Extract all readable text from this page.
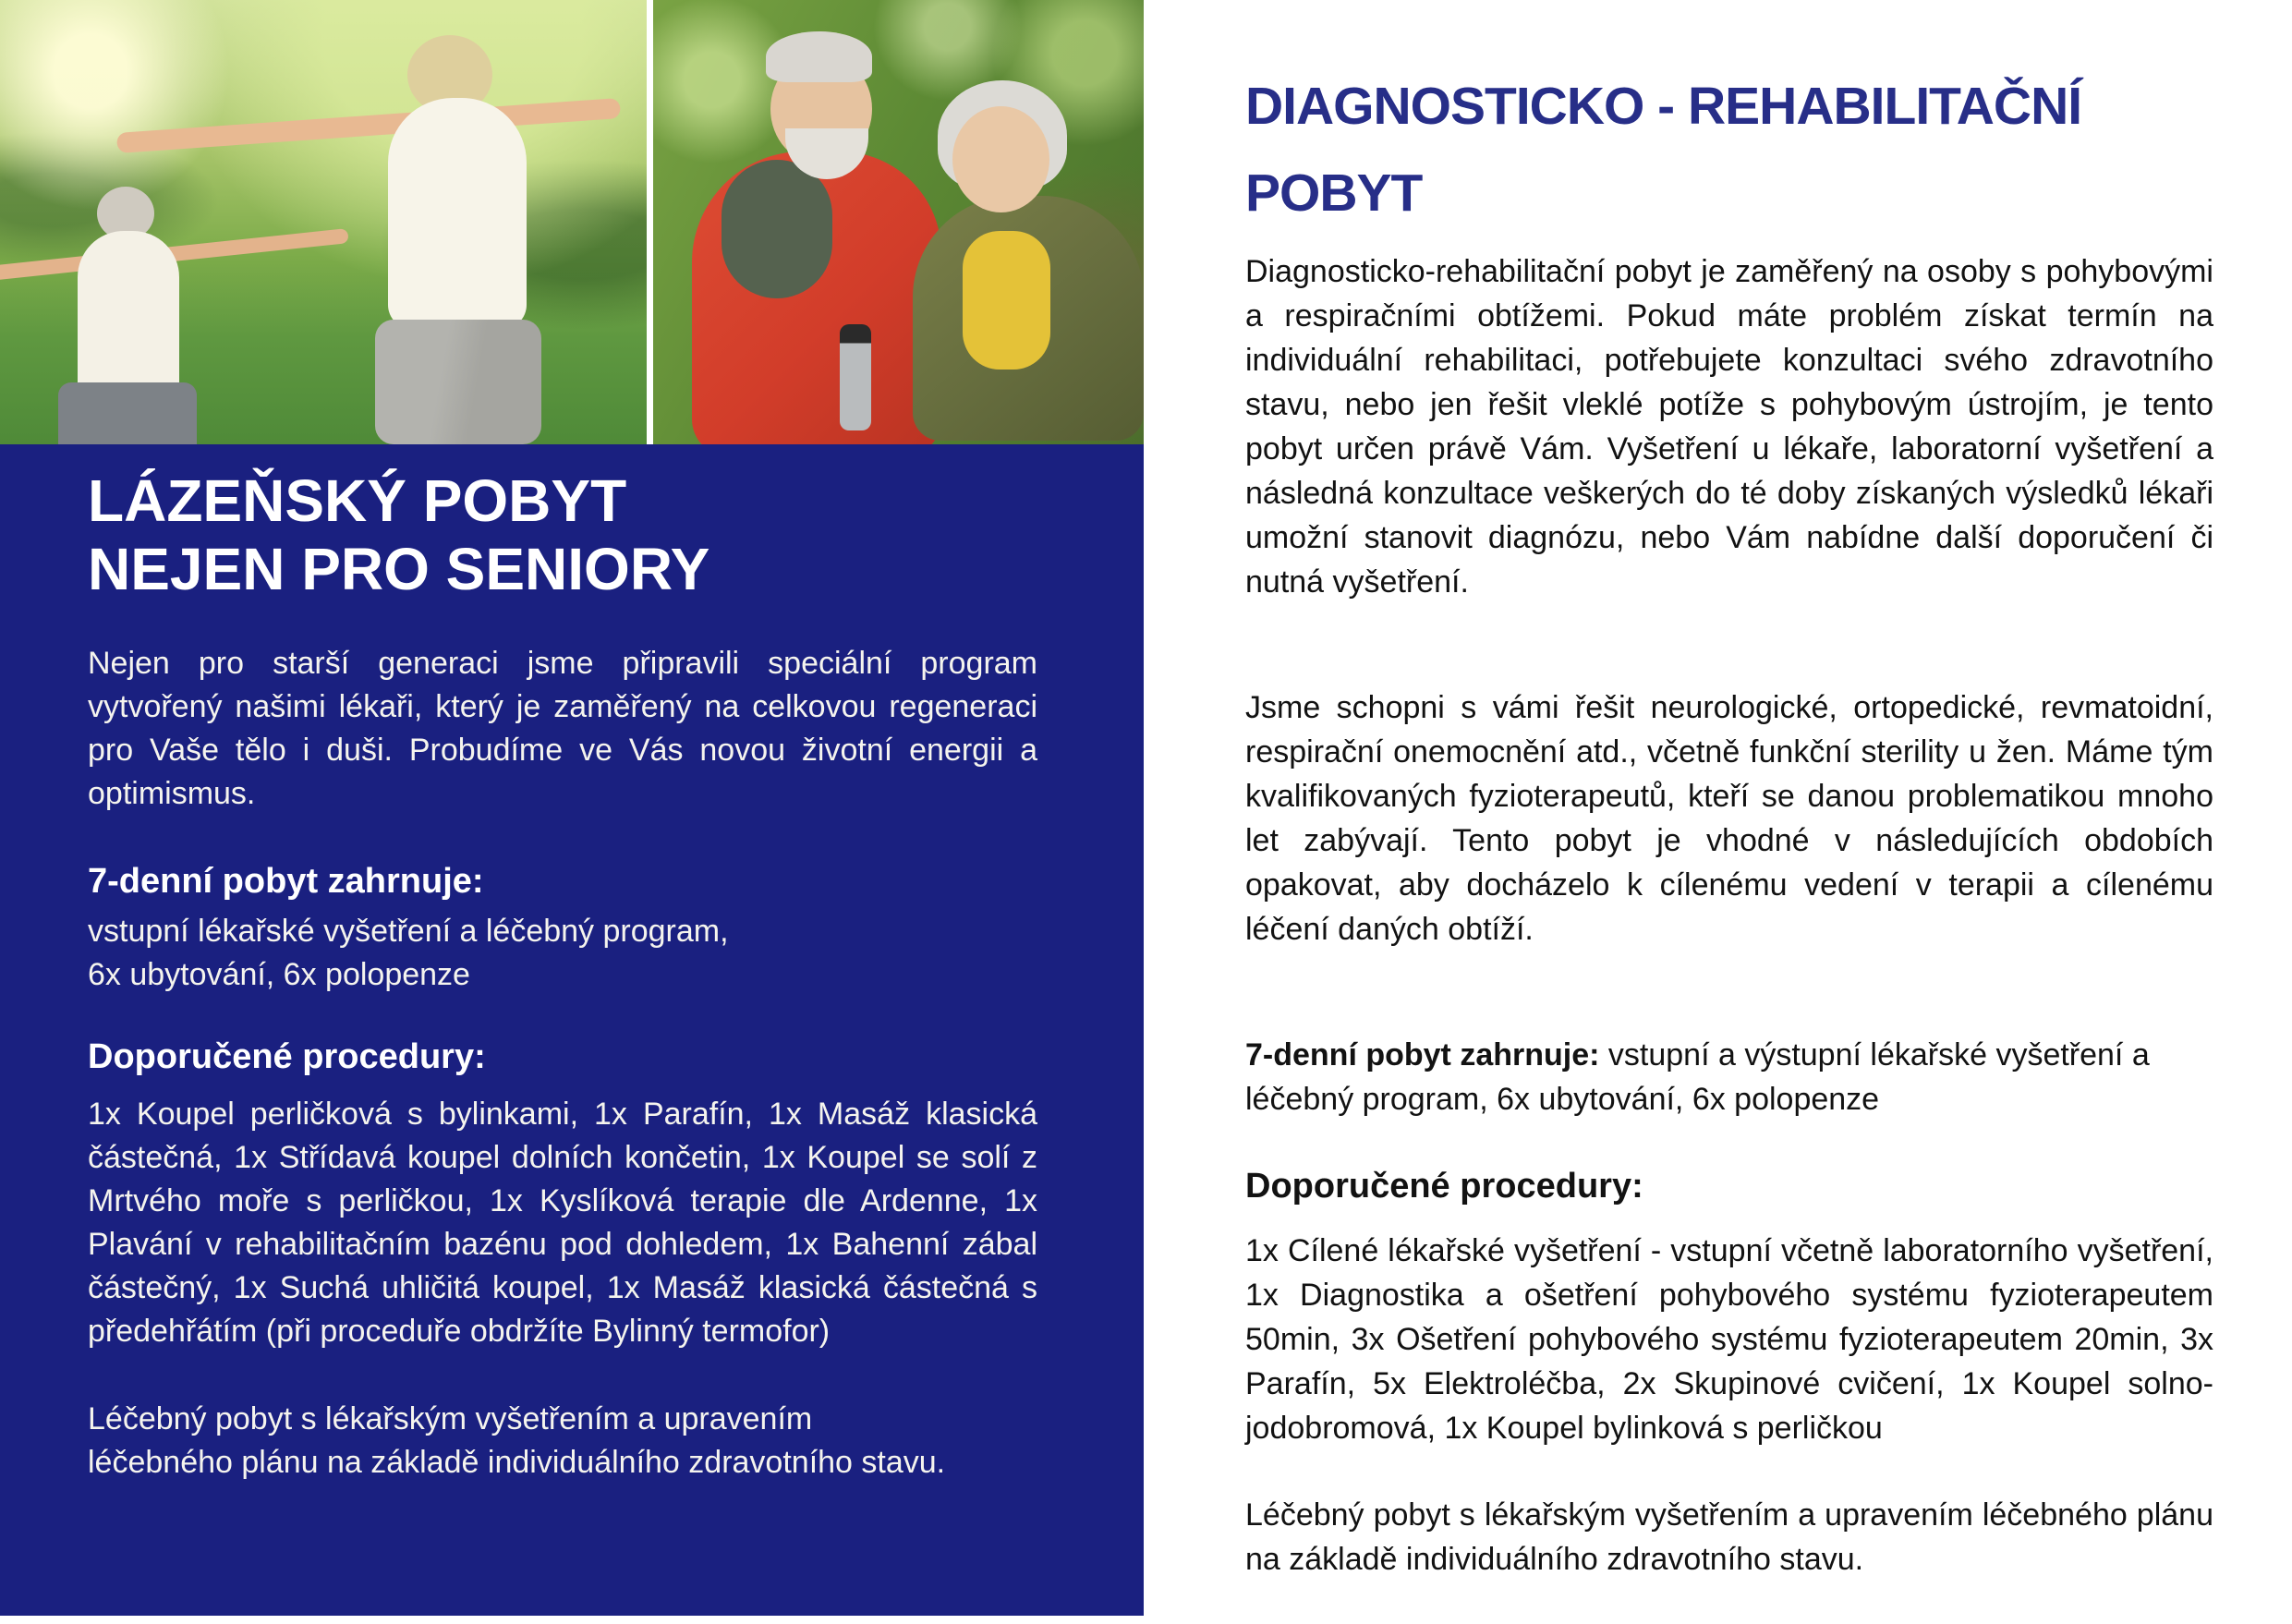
LÁZEŇSKÝ POBYT
NEJEN PRO SENIORY

Nejen pro starší generaci jsme připravili speciální program vytvořený našimi lékaři, který je zaměřený na celkovou regeneraci pro Vaše tělo i duši. Probudíme ve Vás novou životní energii a optimismus.

7-denní pobyt zahrnuje:
vstupní lékařské vyšetření a léčebný program,
6x ubytování, 6x polopenze
Doporučené procedury:

1x Koupel perličková s bylinkami, 1x Parafín, 1x Masáž klasická částečná, 1x Střídavá koupel dolních končetin, 1x Koupel se solí z Mrtvého moře s perličkou, 1x Kyslíková terapie dle Ardenne, 1x Plavání v rehabilitačním bazénu pod dohledem, 1x Bahenní zábal částečný, 1x Suchá uhličitá koupel, 1x Masáž klasická částečná s předehřátím (při proceduře obdržíte Bylinný termofor)

Léčebný pobyt s lékařským vyšetřením a upravením
léčebného plánu na základě individuálního zdravotního stavu.

DIAGNOSTICKO - REHABILITAČNÍ
POBYT

Diagnosticko-rehabilitační pobyt je zaměřený na osoby s pohybovými a respiračními obtížemi. Pokud máte problém získat termín na individuální rehabilitaci, potřebujete konzultaci svého zdravotního stavu, nebo jen řešit vleklé potíže s pohybovým ústrojím, je tento pobyt určen právě Vám. Vyšetření u lékaře, laboratorní vyšetření a následná konzultace veškerých do té doby získaných výsledků lékaři umožní stanovit diagnózu, nebo Vám nabídne další doporučení či nutná vyšetření.

Jsme schopni s vámi řešit neurologické, ortopedické, revmatoidní, respirační onemocnění atd., včetně funkční sterility u žen. Máme tým kvalifikovaných fyzioterapeutů, kteří se danou problematikou mnoho let zabývají. Tento pobyt je vhodné v následujících obdobích opakovat, aby docházelo k cílenému vedení v terapii a cílenému léčení daných obtíží.

7-denní pobyt zahrnuje: vstupní a výstupní lékařské vyšetření a léčebný program, 6x ubytování, 6x polopenze

Doporučené procedury:

1x Cílené lékařské vyšetření - vstupní včetně laboratorního vyšetření, 1x Diagnostika a ošetření pohybového systému fyzioterapeutem 50min, 3x Ošetření pohybového systému fyzioterapeutem 20min, 3x Parafín, 5x Elektroléčba, 2x Skupinové cvičení, 1x Koupel solno-jodobromová, 1x Koupel bylinková s perličkou

Léčebný pobyt s lékařským vyšetřením a upravením léčebného plánu na základě individuálního zdravotního stavu.
